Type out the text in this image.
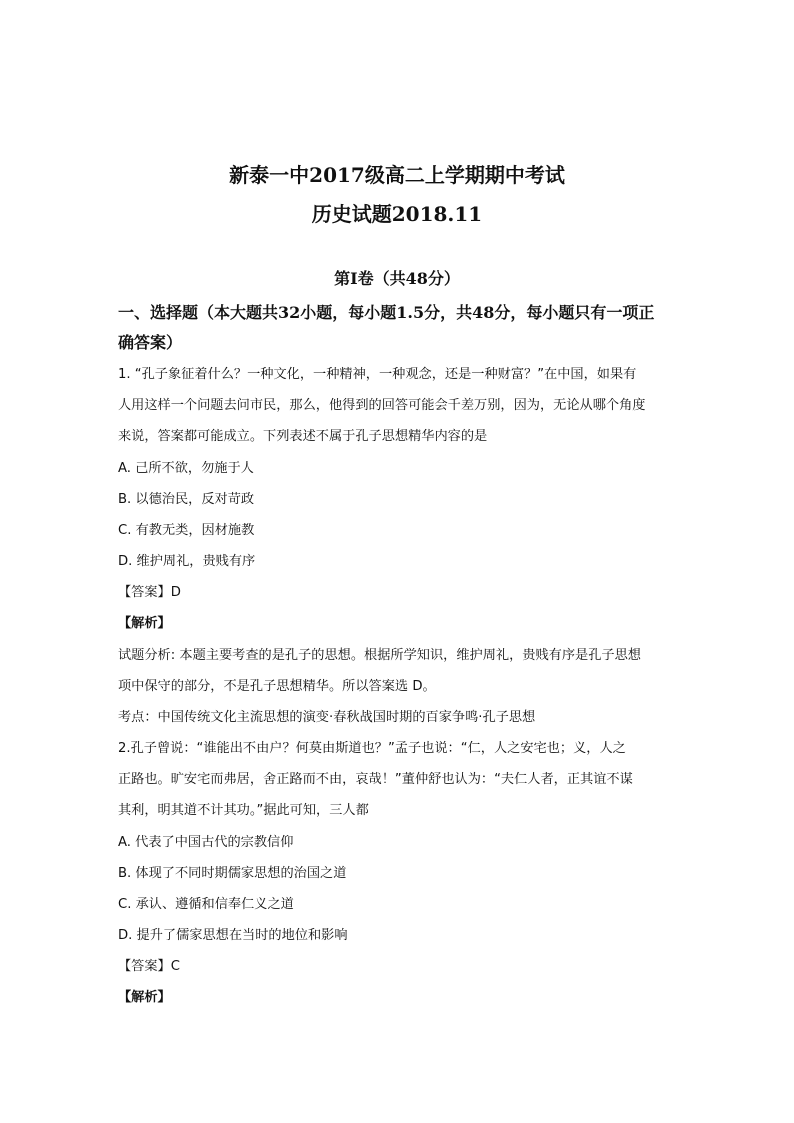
新泰一中2017级高二上学期期中考试
历史试题2018.11
第I卷（共48分）
一、选择题（本大题共32小题，每小题1.5分，共48分，每小题只有一项正
确答案）
1. “孔子象征着什么？一种文化，一种精神，一种观念，还是一种财富？”在中国，如果有
人用这样一个问题去问市民，那么，他得到的回答可能会千差万别，因为，无论从哪个角度
来说，答案都可能成立。下列表述不属于孔子思想精华内容的是
A. 己所不欲，勿施于人
B. 以德治民，反对苛政
C. 有教无类，因材施教
D. 维护周礼，贵贱有序
【答案】D
【解析】
试题分析: 本题主要考查的是孔子的思想。根据所学知识，维护周礼，贵贱有序是孔子思想
项中保守的部分，不是孔子思想精华。所以答案选 D。
考点：中国传统文化主流思想的演变·春秋战国时期的百家争鸣·孔子思想
2.孔子曾说：“谁能出不由户？何莫由斯道也？”孟子也说：“仁，人之安宅也；义，人之
正路也。旷安宅而弗居，舍正路而不由，哀哉！”董仲舒也认为：“夫仁人者，正其谊不谋
其利，明其道不计其功。”据此可知，三人都
A. 代表了中国古代的宗教信仰
B. 体现了不同时期儒家思想的治国之道
C. 承认、遵循和信奉仁义之道
D. 提升了儒家思想在当时的地位和影响
【答案】C
【解析】
